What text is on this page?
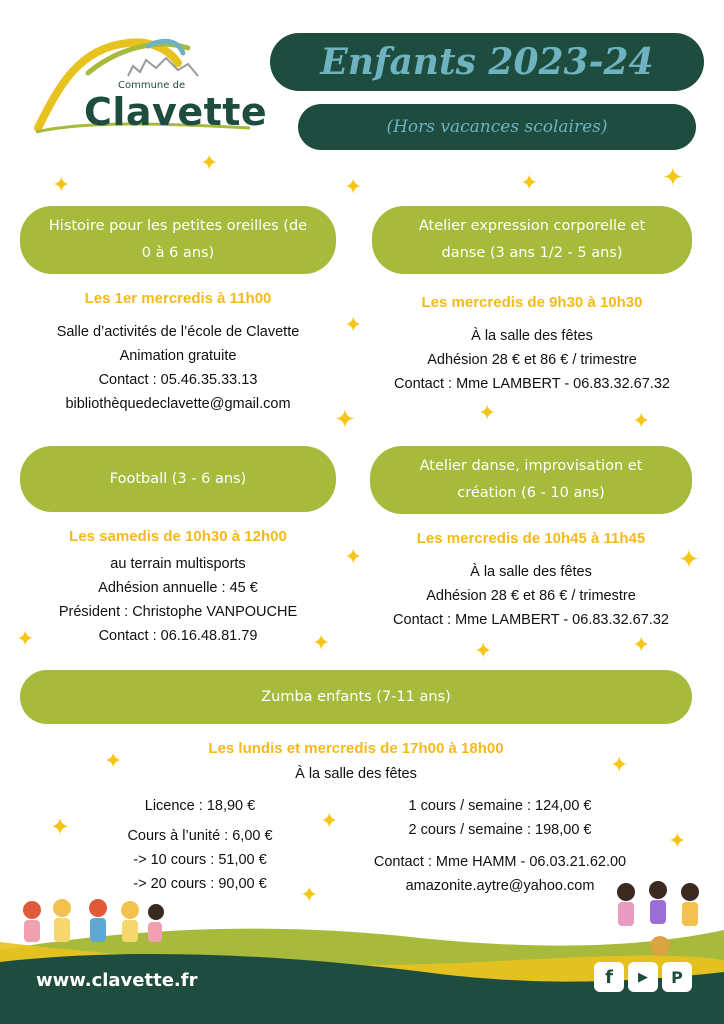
Commune de
Clavette
Enfants 2023-24
(Hors vacances scolaires)
Histoire pour les petites oreilles (de 0 à 6 ans)
Les 1er mercredis à 11h00
Salle d’activités de l’école de Clavette
Animation gratuite
Contact : 05.46.35.33.13
bibliothèquedeclavette@gmail.com
Atelier expression corporelle et danse (3 ans 1/2 - 5 ans)
Les mercredis de 9h30 à 10h30
À la salle des fêtes
Adhésion 28 € et 86 € / trimestre
Contact : Mme LAMBERT - 06.83.32.67.32
Football (3 - 6 ans)
Les samedis de 10h30 à 12h00
au terrain multisports
Adhésion annuelle : 45 €
Président : Christophe VANPOUCHE
Contact : 06.16.48.81.79
Atelier danse, improvisation et création (6 - 10 ans)
Les mercredis de 10h45 à 11h45
À la salle des fêtes
Adhésion 28 € et 86 € / trimestre
Contact : Mme LAMBERT - 06.83.32.67.32
Zumba enfants (7-11 ans)
Les lundis et mercredis de 17h00 à 18h00
À la salle des fêtes
Licence : 18,90 €
Cours à l’unité : 6,00 €
-> 10 cours : 51,00 €
-> 20 cours : 90,00 €
1 cours / semaine : 124,00 €
2 cours / semaine : 198,00 €
Contact : Mme HAMM - 06.03.21.62.00
amazonite.aytre@yahoo.com
✦
✦	✦	✦	✦
✦
✦	✦	✦
✦	✦
✦	✦	✦	✦
✦	✦
✦	✦
✦
✦
www.clavette.fr	f	▶	P
